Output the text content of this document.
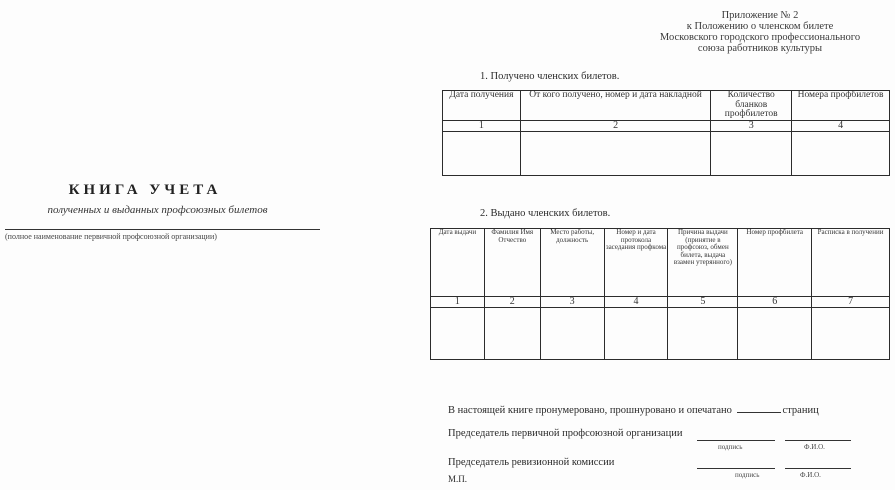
Приложение № 2
к Положению о членском билете
Московского городского профессионального
союза работников культуры
1. Получено членских билетов.
Дата получения	От кого получено, номер и дата накладной	Количество бланков профбилетов	Номера профбилетов
1	2	3	4

КНИГА УЧЕТА
полученных и выданных профсоюзных билетов
(полное наименование первичной профсоюзной организации)
2. Выдано членских билетов.
Дата выдачи	Фамилия Имя Отчество	Место работы, должность	Номер и дата протокола заседания профкома	Причина выдачи (принятие в профсоюз, обмен билета, выдача взамен утерянного)	Номер профбилета	Расписка в получении
1	2	3	4	5	6	7

В настоящей книге пронумеровано, прошнуровано и опечатано	страниц
Председатель первичной профсоюзной организации
подпись	Ф.И.О.
Председатель ревизионной комиссии
подпись	Ф.И.О.
М.П.
